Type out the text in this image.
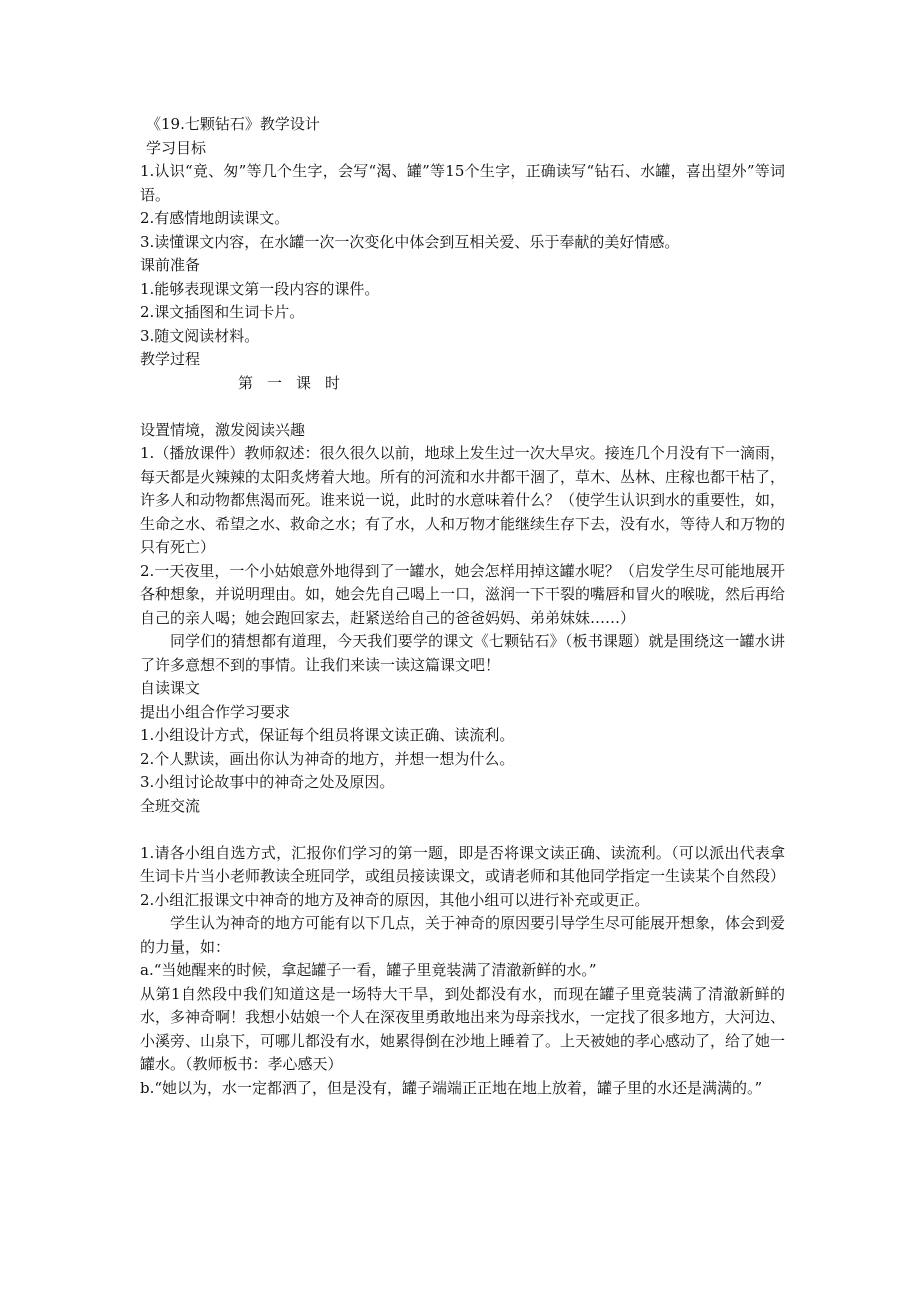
《19.七颗钻石》教学设计

学习目标

1.认识“竟、匆”等几个生字，会写“渴、罐”等15个生字，正确读写“钻石、水罐，喜出望外”等词语。

2.有感情地朗读课文。

3.读懂课文内容，在水罐一次一次变化中体会到互相关爱、乐于奉献的美好情感。

课前准备

1.能够表现课文第一段内容的课件。

2.课文插图和生词卡片。

3.随文阅读材料。

教学过程

第一课时

设置情境，激发阅读兴趣

1.（播放课件）教师叙述：很久很久以前，地球上发生过一次大旱灾。接连几个月没有下一滴雨，每天都是火辣辣的太阳炙烤着大地。所有的河流和水井都干涸了，草木、丛林、庄稼也都干枯了，许多人和动物都焦渴而死。谁来说一说，此时的水意味着什么？（使学生认识到水的重要性，如，生命之水、希望之水、救命之水；有了水，人和万物才能继续生存下去，没有水，等待人和万物的只有死亡）

2.一天夜里，一个小姑娘意外地得到了一罐水，她会怎样用掉这罐水呢？（启发学生尽可能地展开各种想象，并说明理由。如，她会先自己喝上一口，滋润一下干裂的嘴唇和冒火的喉咙，然后再给自己的亲人喝；她会跑回家去，赶紧送给自己的爸爸妈妈、弟弟妹妹……）

同学们的猜想都有道理，今天我们要学的课文《七颗钻石》（板书课题）就是围绕这一罐水讲了许多意想不到的事情。让我们来读一读这篇课文吧！

自读课文

提出小组合作学习要求

1.小组设计方式，保证每个组员将课文读正确、读流利。

2.个人默读，画出你认为神奇的地方，并想一想为什么。

3.小组讨论故事中的神奇之处及原因。

全班交流

1.请各小组自选方式，汇报你们学习的第一题，即是否将课文读正确、读流利。（可以派出代表拿生词卡片当小老师教读全班同学，或组员接读课文，或请老师和其他同学指定一生读某个自然段）

2.小组汇报课文中神奇的地方及神奇的原因，其他小组可以进行补充或更正。

学生认为神奇的地方可能有以下几点，关于神奇的原因要引导学生尽可能展开想象，体会到爱的力量，如：

a.“当她醒来的时候，拿起罐子一看，罐子里竟装满了清澈新鲜的水。”

从第1自然段中我们知道这是一场特大干旱，到处都没有水，而现在罐子里竟装满了清澈新鲜的水，多神奇啊！我想小姑娘一个人在深夜里勇敢地出来为母亲找水，一定找了很多地方，大河边、小溪旁、山泉下，可哪儿都没有水，她累得倒在沙地上睡着了。上天被她的孝心感动了，给了她一罐水。（教师板书：孝心感天）

b.“她以为，水一定都洒了，但是没有，罐子端端正正地在地上放着，罐子里的水还是满满的。”
